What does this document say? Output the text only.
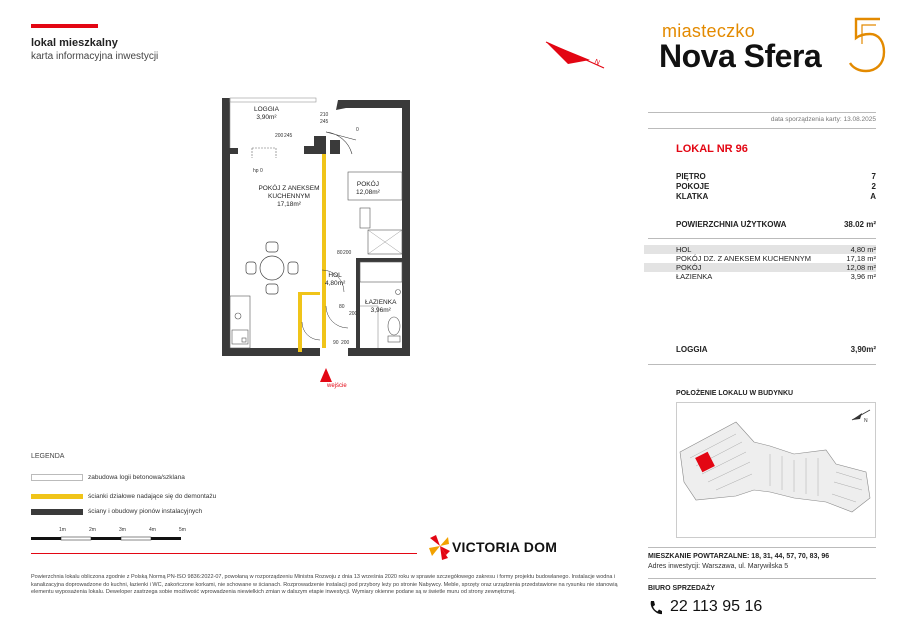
lokal mieszkalny
karta informacyjna inwestycji
N
miasteczko
Nova Sfera
data sporządzenia karty: 13.08.2025
LOKAL NR 96
PIĘTRO	7
POKOJE	2
KLATKA	A
POWIERZCHNIA UŻYTKOWA	38.02 m²
HOL	4,80 m²
POKÓJ DZ. Z ANEKSEM KUCHENNYM	17,18 m²
POKÓJ	12,08 m²
ŁAZIENKA	3,96 m²
LOGGIA	3,90m²
POŁOŻENIE LOKALU W BUDYNKU
N
MIESZKANIE POWTARZALNE: 18, 31, 44, 57, 70, 83, 96
Adres inwestycji: Warszawa, ul. Marywilska 5
BIURO SPRZEDAŻY
22 113 95 16
LOGGIA
3,90m²
POKÓJ Z ANEKSEM KUCHENNYM
17,18m²
POKÓJ
12,08m²
HOL
4,80m²
ŁAZIENKA
3,96m²
200 245
hp 0
210
245
0
80 200
80
200
90 200
wejście
LEGENDA
zabudowa logii betonowa/szklana
ścianki działowe nadające się do demontażu
ściany i obudowy pionów instalacyjnych
1m	2m	3m	4m	5m
VICTORIA DOM
Powierzchnia lokalu obliczona zgodnie z Polską Normą PN-ISO 9836:2022-07, powołaną w rozporządzeniu Ministra Rozwoju z dnia 13 września 2020 roku w sprawie szczegółowego zakresu i formy projektu budowlanego. Instalacje wodna i kanalizacyjna doprowadzone do kuchni, łazienki i WC, zakończone korkami, nie schowane w ścianach. Rozprowadzenie instalacji pod przybory leży po stronie Nabywcy. Meble, sprzęty oraz urządzenia przedstawione na rysunku nie stanowią elementu wyposażenia lokalu. Deweloper zastrzega sobie możliwość wprowadzenia niewielkich zmian w dalszym etapie inwestycji. Wymiary okienne podane są w świetle muru od strony zewnętrznej.
